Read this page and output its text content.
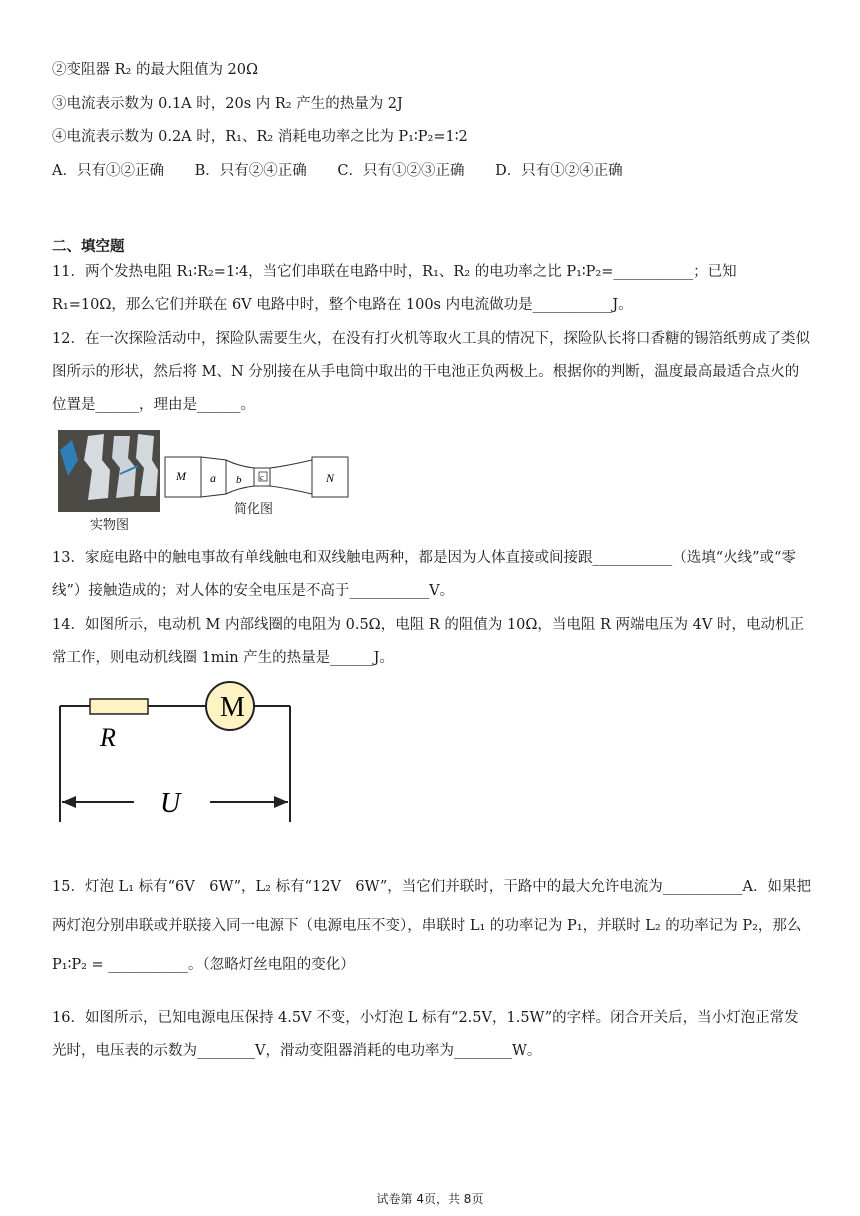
②变阻器 R₂ 的最大阻值为 20Ω
③电流表示数为 0.1A 时，20s 内 R₂ 产生的热量为 2J
④电流表示数为 0.2A 时，R₁、R₂ 消耗电功率之比为 P₁∶P₂=1∶2
A．只有①②正确 B．只有②④正确 C．只有①②③正确 D．只有①②④正确
二、填空题
11．两个发热电阻 R₁∶R₂=1∶4，当它们串联在电路中时，R₁、R₂ 的电功率之比 P₁∶P₂=___________；已知 R₁=10Ω，那么它们并联在 6V 电路中时，整个电路在 100s 内电流做功是___________J。
12．在一次探险活动中，探险队需要生火，在没有打火机等取火工具的情况下，探险队长将口香糖的锡箔纸剪成了类似图所示的形状，然后将 M、N 分别接在从手电筒中取出的干电池正负两极上。根据你的判断，温度最高最适合点火的位置是______，理由是______。
实物图
M a b c	N
简化图
13．家庭电路中的触电事故有单线触电和双线触电两种，都是因为人体直接或间接跟___________（选填“火线”或“零线”）接触造成的；对人体的安全电压是不高于___________V。
14．如图所示，电动机 M 内部线圈的电阻为 0.5Ω，电阻 R 的阻值为 10Ω，当电阻 R 两端电压为 4V 时，电动机正常工作，则电动机线圈 1min 产生的热量是______J。
M
R
U
15．灯泡 L₁ 标有“6V　6W”，L₂ 标有“12V　6W”，当它们并联时，干路中的最大允许电流为___________A．如果把两灯泡分别串联或并联接入同一电源下（电源电压不变），串联时 L₁ 的功率记为 P₁，并联时 L₂ 的功率记为 P₂，那么 P₁∶P₂ = ___________。（忽略灯丝电阻的变化）
16．如图所示，已知电源电压保持 4.5V 不变，小灯泡 L 标有“2.5V，1.5W”的字样。闭合开关后，当小灯泡正常发光时，电压表的示数为________V，滑动变阻器消耗的电功率为________W。
试卷第 4页，共 8页
